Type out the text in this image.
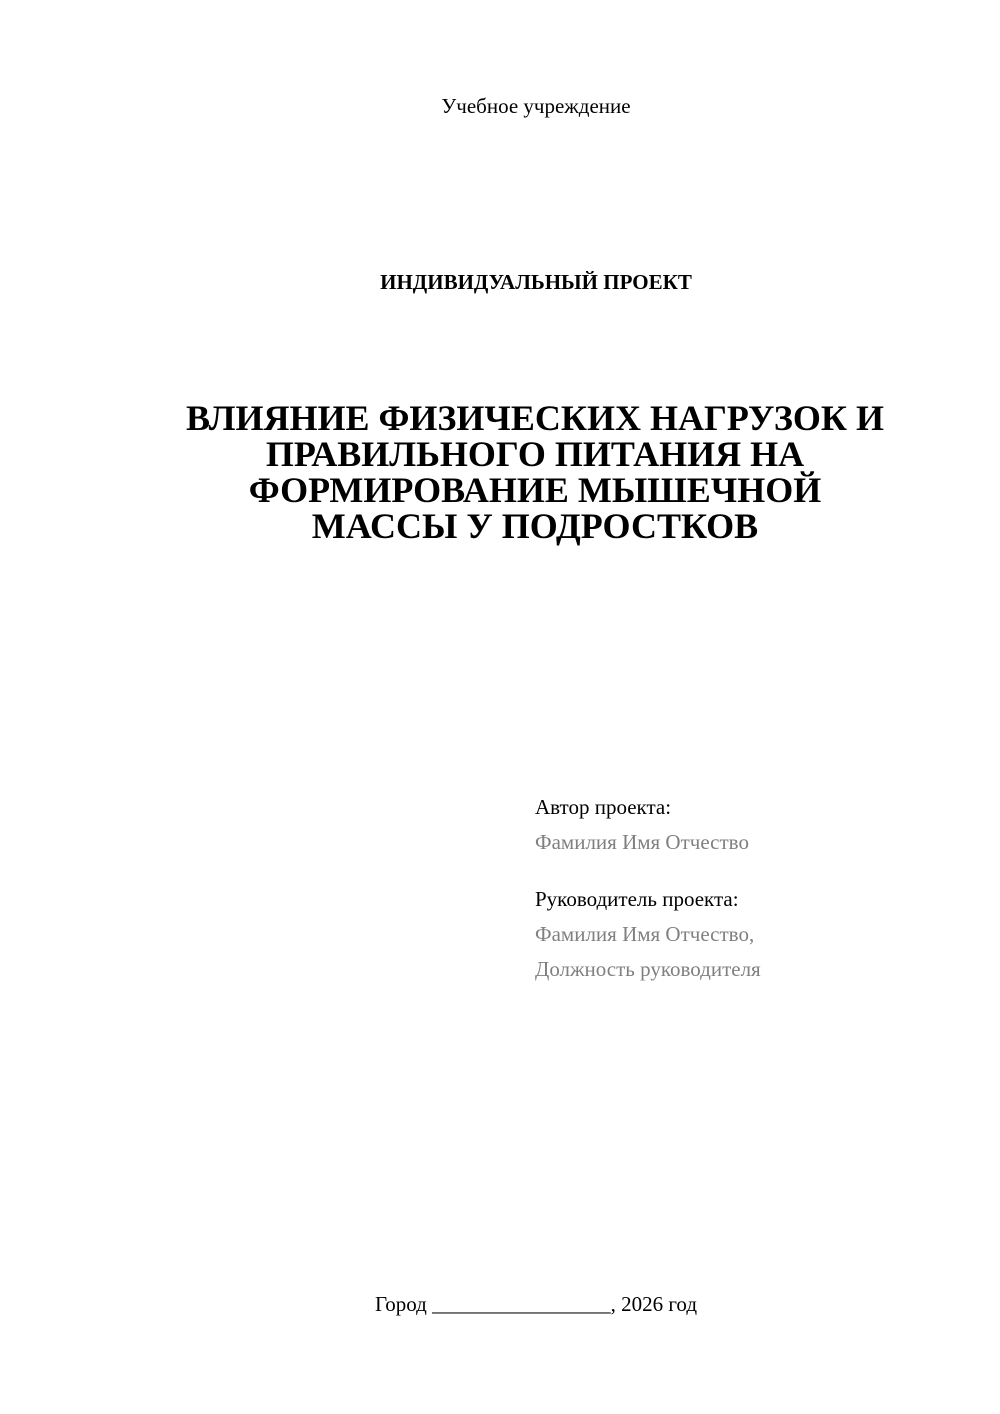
Учебное учреждение
ИНДИВИДУАЛЬНЫЙ ПРОЕКТ
ВЛИЯНИЕ ФИЗИЧЕСКИХ НАГРУЗОК И
ПРАВИЛЬНОГО ПИТАНИЯ НА
ФОРМИРОВАНИЕ МЫШЕЧНОЙ
МАССЫ У ПОДРОСТКОВ
Автор проекта:
Фамилия Имя Отчество
Руководитель проекта:
Фамилия Имя Отчество,
Должность руководителя
Город _________________, 2026 год
